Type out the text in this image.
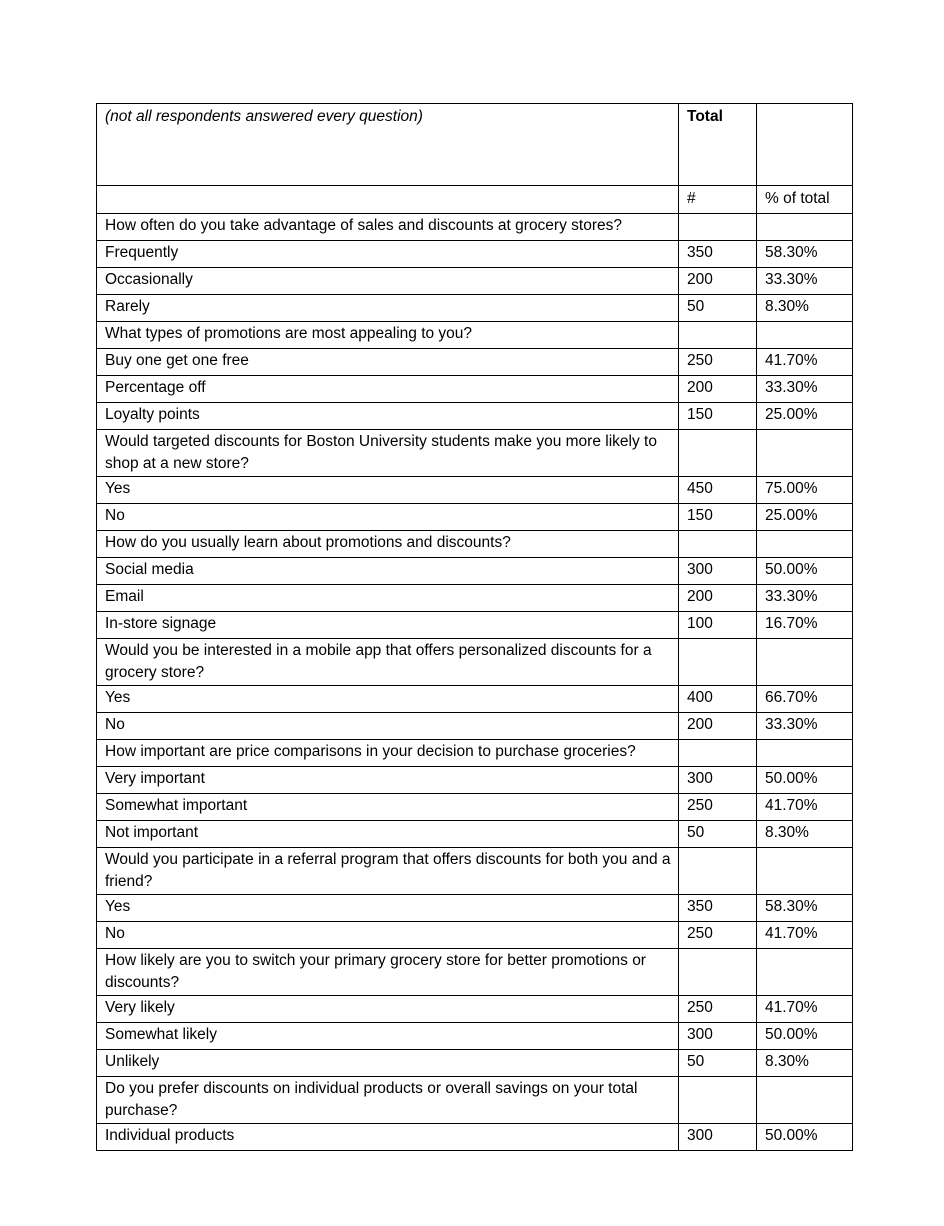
(not all respondents answered every question)	Total	
	#	% of total
How often do you take advantage of sales and discounts at grocery stores?		
Frequently	350	58.30%
Occasionally	200	33.30%
Rarely	50	8.30%
What types of promotions are most appealing to you?		
Buy one get one free	250	41.70%
Percentage off	200	33.30%
Loyalty points	150	25.00%
Would targeted discounts for Boston University students make you more likely to shop at a new store?		
Yes	450	75.00%
No	150	25.00%
How do you usually learn about promotions and discounts?		
Social media	300	50.00%
Email	200	33.30%
In-store signage	100	16.70%
Would you be interested in a mobile app that offers personalized discounts for a grocery store?		
Yes	400	66.70%
No	200	33.30%
How important are price comparisons in your decision to purchase groceries?		
Very important	300	50.00%
Somewhat important	250	41.70%
Not important	50	8.30%
Would you participate in a referral program that offers discounts for both you and a friend?		
Yes	350	58.30%
No	250	41.70%
How likely are you to switch your primary grocery store for better promotions or discounts?		
Very likely	250	41.70%
Somewhat likely	300	50.00%
Unlikely	50	8.30%
Do you prefer discounts on individual products or overall savings on your total purchase?		
Individual products	300	50.00%
